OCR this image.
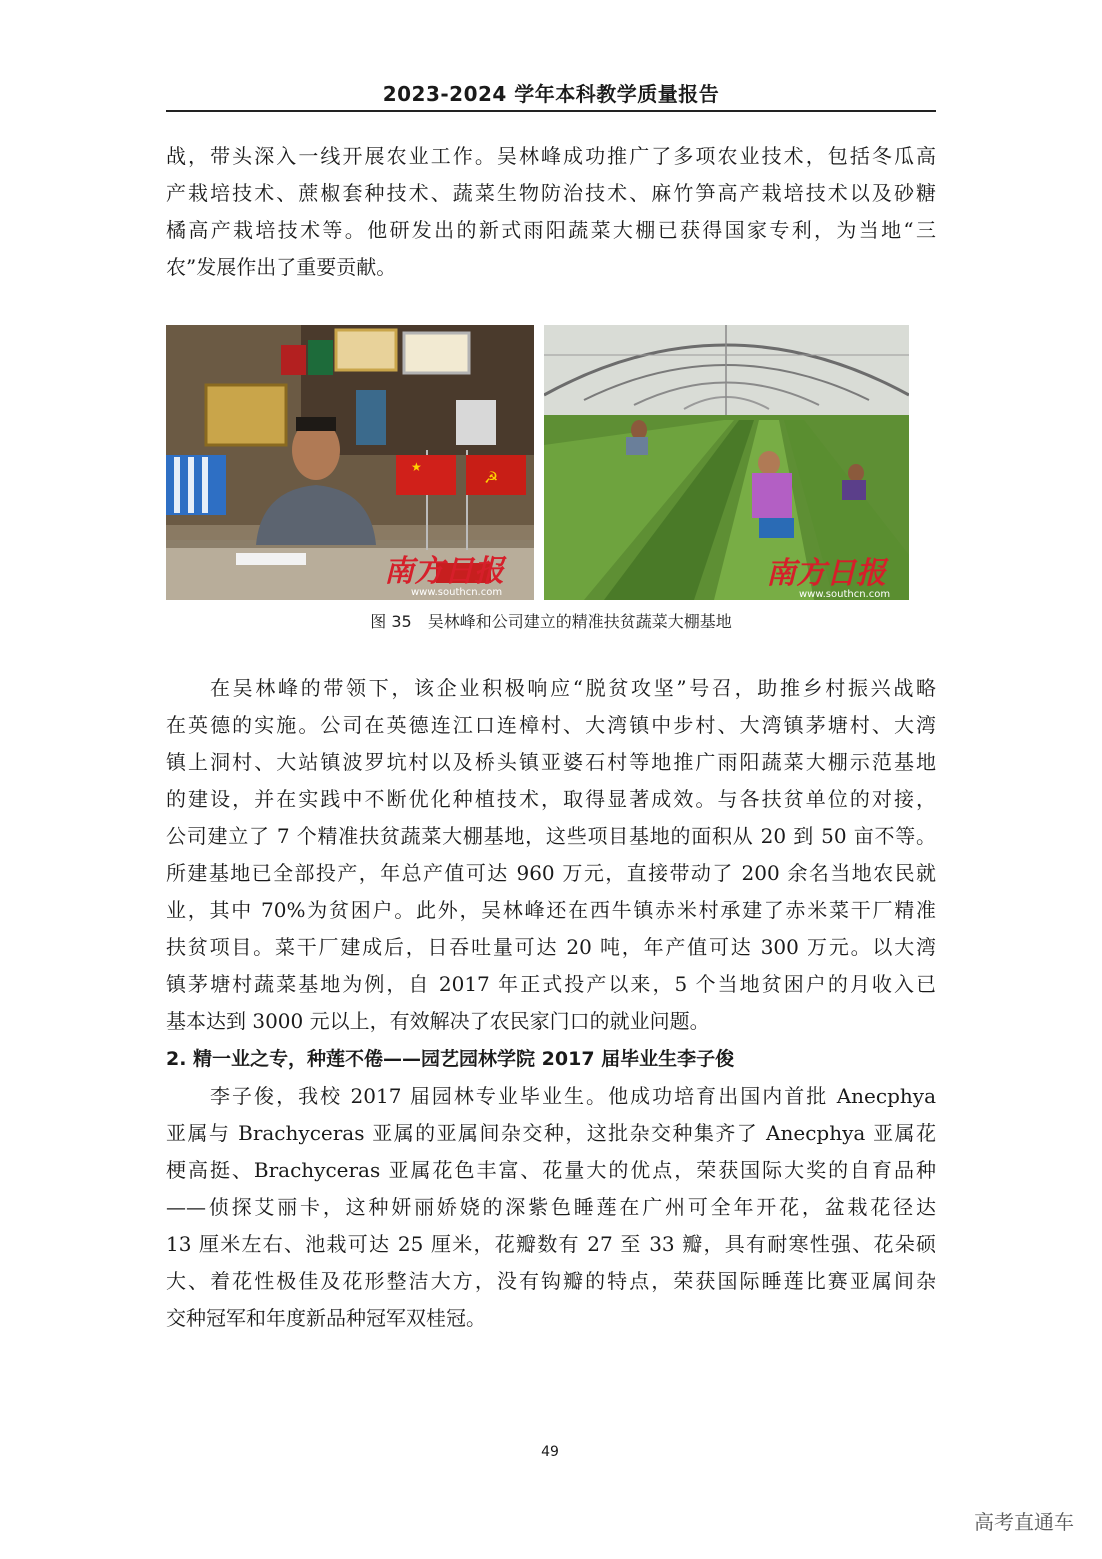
2023-2024 学年本科教学质量报告
战，带头深入一线开展农业工作。吴林峰成功推广了多项农业技术，包括冬瓜高
产栽培技术、蔗椒套种技术、蔬菜生物防治技术、麻竹笋高产栽培技术以及砂糖
橘高产栽培技术等。他研发出的新式雨阳蔬菜大棚已获得国家专利，为当地“三
农”发展作出了重要贡献。
★
☭
南方日报
www.southcn.com
南方日报
www.southcn.com
图 35　吴林峰和公司建立的精准扶贫蔬菜大棚基地
在吴林峰的带领下，该企业积极响应“脱贫攻坚”号召，助推乡村振兴战略
在英德的实施。公司在英德连江口连樟村、大湾镇中步村、大湾镇茅塘村、大湾
镇上洞村、大站镇波罗坑村以及桥头镇亚婆石村等地推广雨阳蔬菜大棚示范基地
的建设，并在实践中不断优化种植技术，取得显著成效。与各扶贫单位的对接，
公司建立了 7 个精准扶贫蔬菜大棚基地，这些项目基地的面积从 20 到 50 亩不等。
所建基地已全部投产，年总产值可达 960 万元，直接带动了 200 余名当地农民就
业，其中 70%为贫困户。此外，吴林峰还在西牛镇赤米村承建了赤米菜干厂精准
扶贫项目。菜干厂建成后，日吞吐量可达 20 吨，年产值可达 300 万元。以大湾
镇茅塘村蔬菜基地为例，自 2017 年正式投产以来，5 个当地贫困户的月收入已
基本达到 3000 元以上，有效解决了农民家门口的就业问题。
2. 精一业之专，种莲不倦——园艺园林学院 2017 届毕业生李子俊
李子俊，我校 2017 届园林专业毕业生。他成功培育出国内首批 Anecphya
亚属与 Brachyceras 亚属的亚属间杂交种，这批杂交种集齐了 Anecphya 亚属花
梗高挺、Brachyceras 亚属花色丰富、花量大的优点，荣获国际大奖的自育品种
——侦探艾丽卡，这种妍丽娇娆的深紫色睡莲在广州可全年开花，盆栽花径达
13 厘米左右、池栽可达 25 厘米，花瓣数有 27 至 33 瓣，具有耐寒性强、花朵硕
大、着花性极佳及花形整洁大方，没有钩瓣的特点，荣获国际睡莲比赛亚属间杂
交种冠军和年度新品种冠军双桂冠。
49
高考直通车
